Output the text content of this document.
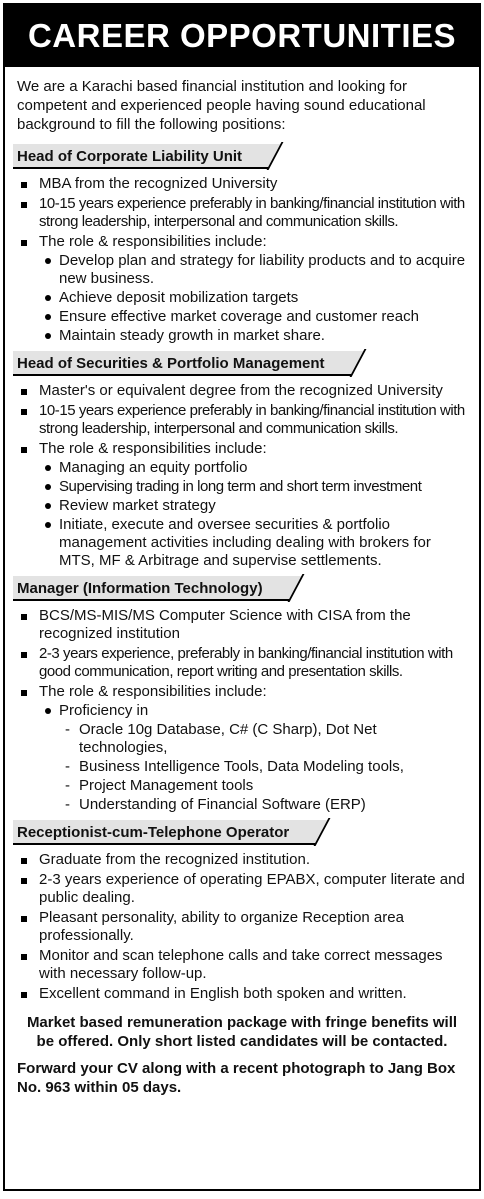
CAREER OPPORTUNITIES

We are a Karachi based financial institution and looking for competent and experienced people having sound educational background to fill the following positions:

Head of Corporate Liability Unit
MBA from the recognized University
10-15 years experience preferably in banking/financial institution with strong leadership, interpersonal and communication skills.
The role & responsibilities include:
Develop plan and strategy for liability products and to acquire new business.
Achieve deposit mobilization targets
Ensure effective market coverage and customer reach
Maintain steady growth in market share.
Head of Securities & Portfolio Management
Master's or equivalent degree from the recognized University
10-15 years experience preferably in banking/financial institution with strong leadership, interpersonal and communication skills.
The role & responsibilities include:
Managing an equity portfolio
Supervising trading in long term and short term investment
Review market strategy
Initiate, execute and oversee securities & portfolio management activities including dealing with brokers for MTS, MF & Arbitrage and supervise settlements.
Manager (Information Technology)
BCS/MS-MIS/MS Computer Science with CISA from the recognized institution
2-3 years experience, preferably in banking/financial institution with good communication, report writing and presentation skills.
The role & responsibilities include:
Proficiency in
- Oracle 10g Database, C# (C Sharp), Dot Net technologies,
- Business Intelligence Tools, Data Modeling tools,
- Project Management tools
- Understanding of Financial Software (ERP)
Receptionist-cum-Telephone Operator
Graduate from the recognized institution.
2-3 years experience of operating EPABX, computer literate and public dealing.
Pleasant personality, ability to organize Reception area professionally.
Monitor and scan telephone calls and take correct messages with necessary follow-up.
Excellent command in English both spoken and written.

Market based remuneration package with fringe benefits will be offered. Only short listed candidates will be contacted.

Forward your CV along with a recent photograph to Jang Box No. 963 within 05 days.
